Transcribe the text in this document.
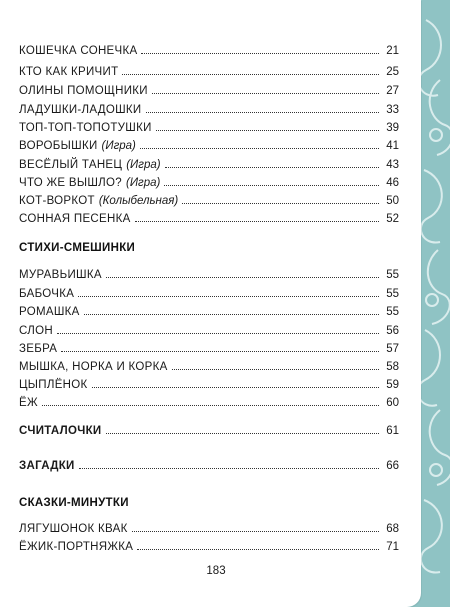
КОШЕЧКА СОНЕЧКА	21
КТО КАК КРИЧИТ	25
ОЛИНЫ ПОМОЩНИКИ	27
ЛАДУШКИ-ЛАДОШКИ	33
ТОП-ТОП-ТОПОТУШКИ	39
ВОРОБЫШКИ (Игра)	41
ВЕСЁЛЫЙ ТАНЕЦ (Игра)	43
ЧТО ЖЕ ВЫШЛО? (Игра)	46
КОТ-ВОРКОТ (Колыбельная)	50
СОННАЯ ПЕСЕНКА	52
СТИХИ-СМЕШИНКИ
МУРАВЬИШКА	55
БАБОЧКА	55
РОМАШКА	55
СЛОН	56
ЗЕБРА	57
МЫШКА, НОРКА И КОРКА	58
ЦЫПЛЁНОК	59
ЁЖ	60
СЧИТАЛОЧКИ	61
ЗАГАДКИ	66
СКАЗКИ-МИНУТКИ
ЛЯГУШОНОК КВАК	68
ЁЖИК-ПОРТНЯЖКА	71
183
